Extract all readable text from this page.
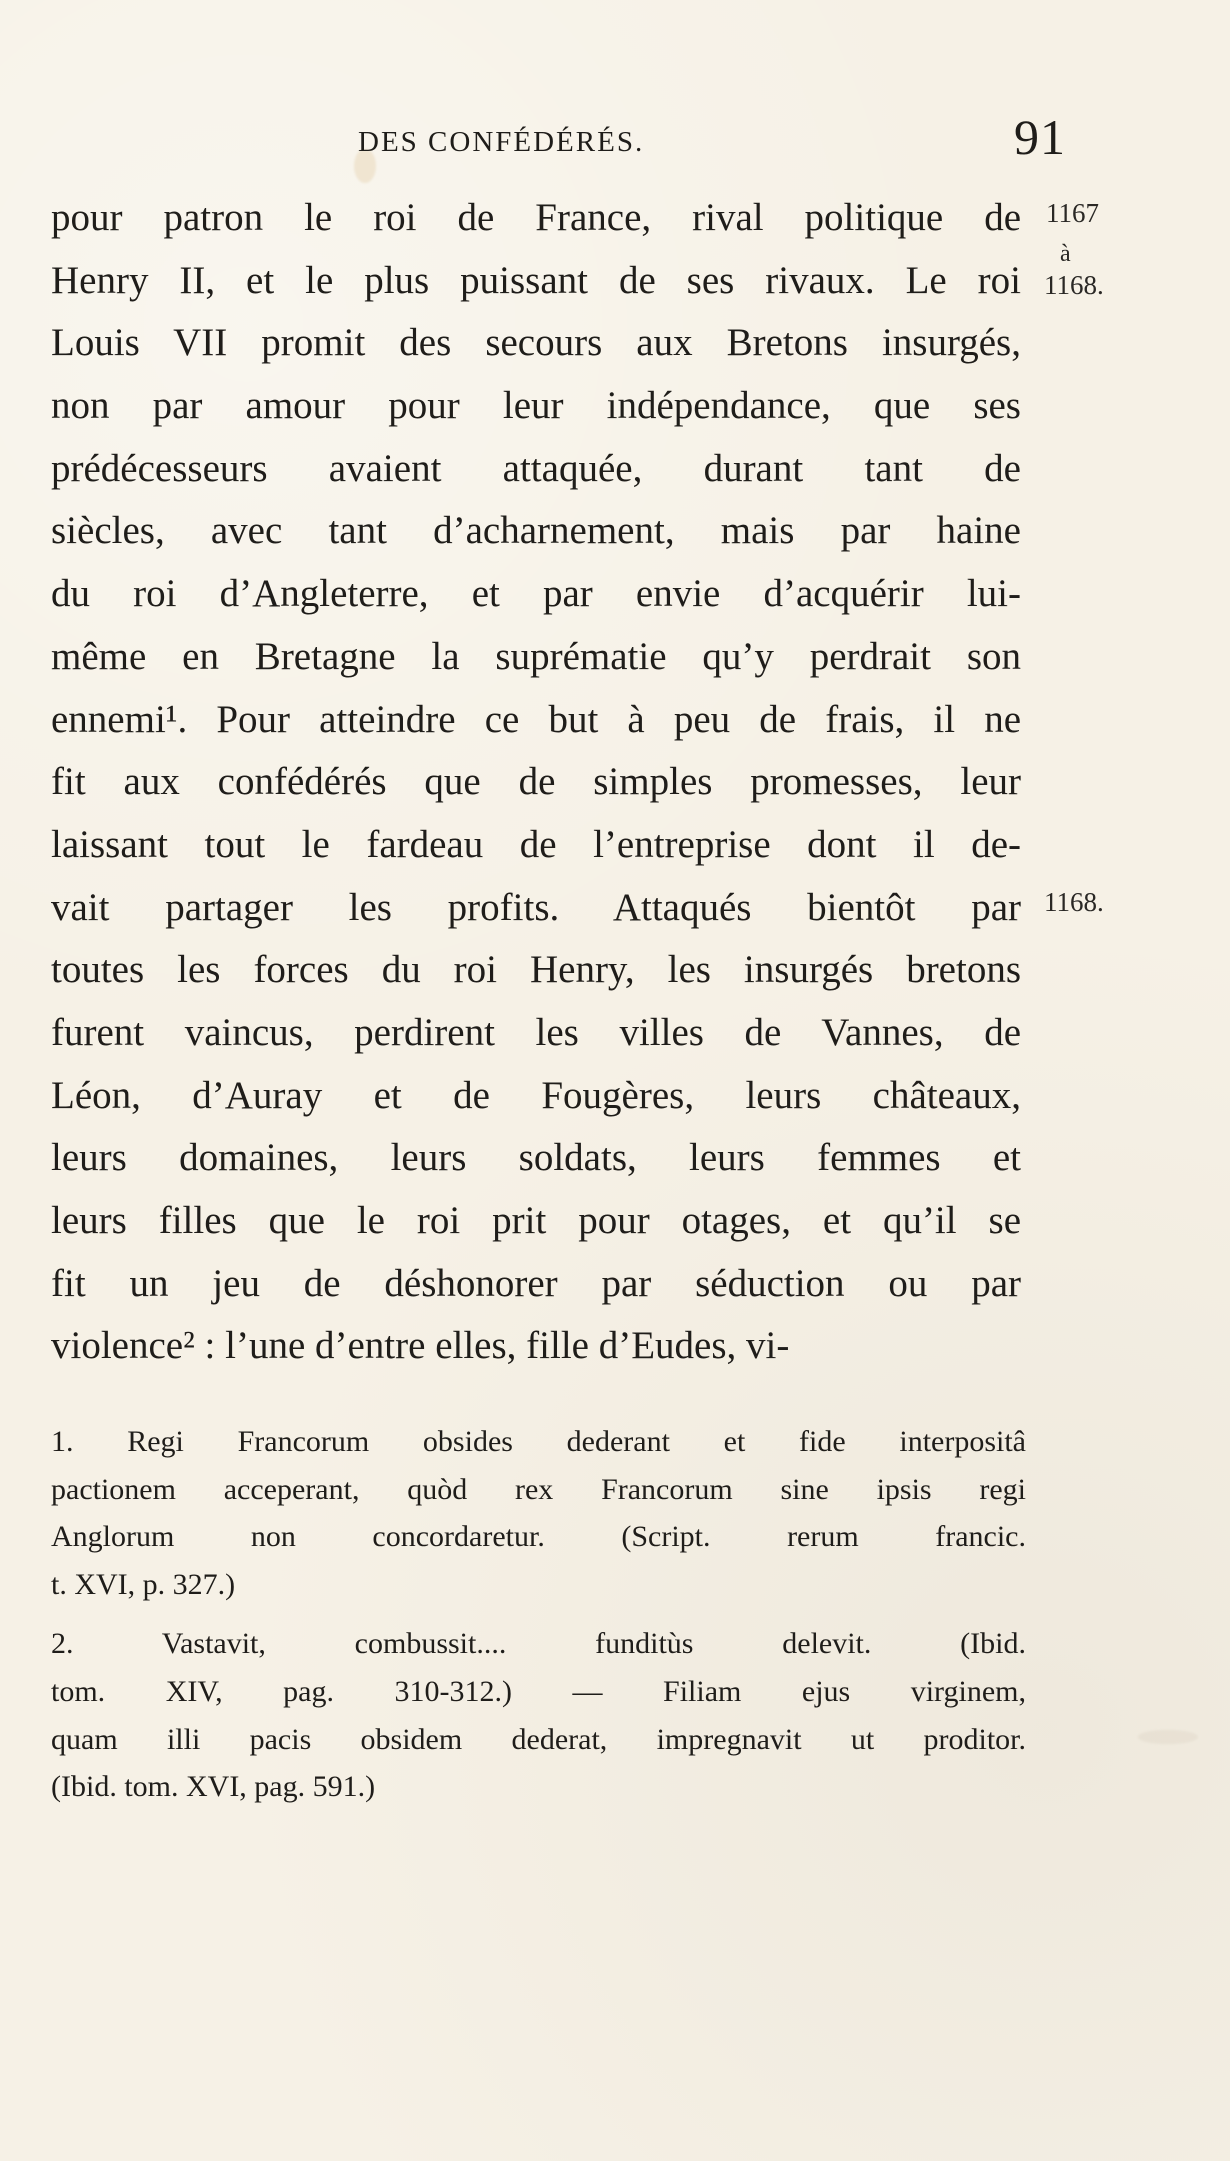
DES CONFÉDÉRÉS.	91
1167
à
1168.
1168.
pour patron le roi de France, rival politique de
Henry II, et le plus puissant de ses rivaux. Le roi
Louis VII promit des secours aux Bretons insurgés,
non par amour pour leur indépendance, que ses
prédécesseurs avaient attaquée, durant tant de
siècles, avec tant d’acharnement, mais par haine
du roi d’Angleterre, et par envie d’acquérir lui-
même en Bretagne la suprématie qu’y perdrait son
ennemi¹. Pour atteindre ce but à peu de frais, il ne
fit aux confédérés que de simples promesses, leur
laissant tout le fardeau de l’entreprise dont il de-
vait partager les profits. Attaqués bientôt par
toutes les forces du roi Henry, les insurgés bretons
furent vaincus, perdirent les villes de Vannes, de
Léon, d’Auray et de Fougères, leurs châteaux,
leurs domaines, leurs soldats, leurs femmes et
leurs filles que le roi prit pour otages, et qu’il se
fit un jeu de déshonorer par séduction ou par
violence² : l’une d’entre elles, fille d’Eudes, vi-
1. Regi Francorum obsides dederant et fide interpositâ
pactionem acceperant, quòd rex Francorum sine ipsis regi
Anglorum non concordaretur. (Script. rerum francic.
t. XVI, p. 327.)
2. Vastavit, combussit.... funditùs delevit. (Ibid.
tom. XIV, pag. 310-312.) — Filiam ejus virginem,
quam illi pacis obsidem dederat, impregnavit ut proditor.
(Ibid. tom. XVI, pag. 591.)
